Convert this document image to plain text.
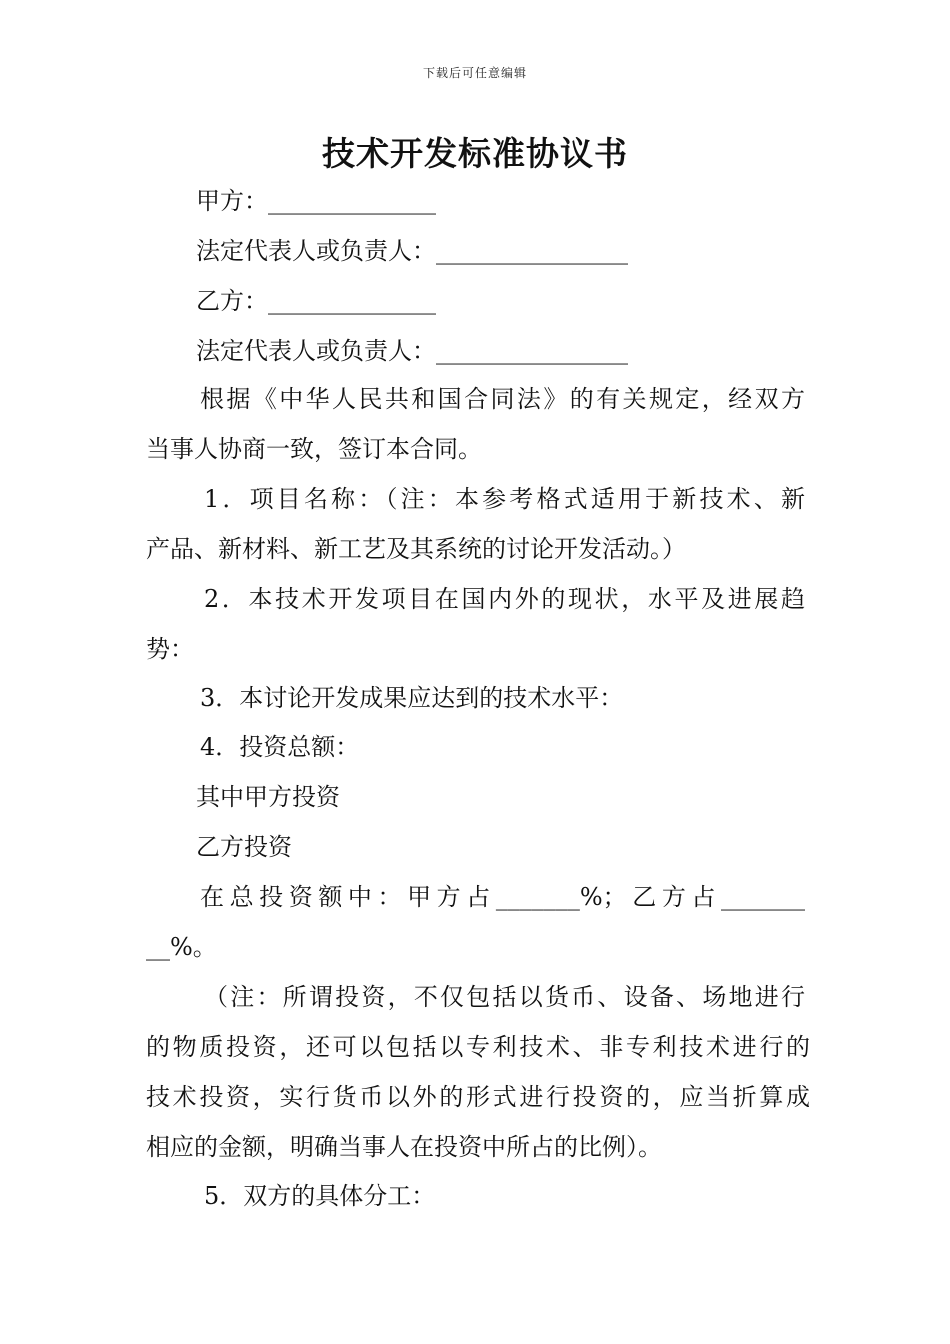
下载后可任意编辑
技术开发标准协议书
甲方：______________
法定代表人或负责人：________________
乙方：______________
法定代表人或负责人：________________
根据《中华人民共和国合同法》的有关规定，经双方
当事人协商一致，签订本合同。
1．项目名称：（注：本参考格式适用于新技术、新
产品、新材料、新工艺及其系统的讨论开发活动。）
2．本技术开发项目在国内外的现状，水平及进展趋
势：
3．本讨论开发成果应达到的技术水平：
4．投资总额：
其中甲方投资
乙方投资
在总投资额中：甲方占_______%；乙方占_______
__%。
（注：所谓投资，不仅包括以货币、设备、场地进行
的物质投资，还可以包括以专利技术、非专利技术进行的
技术投资，实行货币以外的形式进行投资的，应当折算成
相应的金额，明确当事人在投资中所占的比例）。
5．双方的具体分工：
